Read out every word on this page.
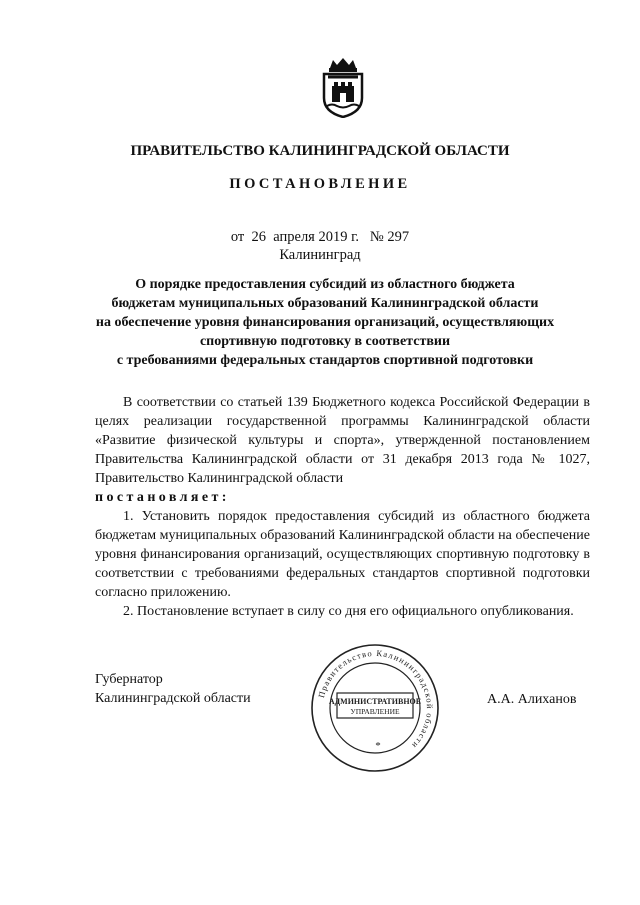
ПРАВИТЕЛЬСТВО КАЛИНИНГРАДСКОЙ ОБЛАСТИ
ПОСТАНОВЛЕНИЕ
от  26  апреля 2019 г.   № 297
Калининград
О порядке предоставления субсидий из областного бюджета
бюджетам муниципальных образований Калининградской области
на обеспечение уровня финансирования организаций, осуществляющих
спортивную подготовку в соответствии
с требованиями федеральных стандартов спортивной подготовки

В соответствии со статьей 139 Бюджетного кодекса Российской Федерации в целях реализации государственной программы Калининградской области «Развитие физической культуры и спорта», утвержденной постановлением Правительства Калининградской области от 31 декабря 2013 года № 1027, Правительство Калининградской области

постановляет:

1. Установить порядок предоставления субсидий из областного бюджета бюджетам муниципальных образований Калининградской области на обеспечение уровня финансирования организаций, осуществляющих спортивную подготовку в соответствии с требованиями федеральных стандартов спортивной подготовки согласно приложению.

2. Постановление вступает в силу со дня его официального опубликования.

Губернатор
Калининградской области	Правительство Калининградской области
АДМИНИСТРАТИВНОЕ
УПРАВЛЕНИЕ
*
А.А. Алиханов
